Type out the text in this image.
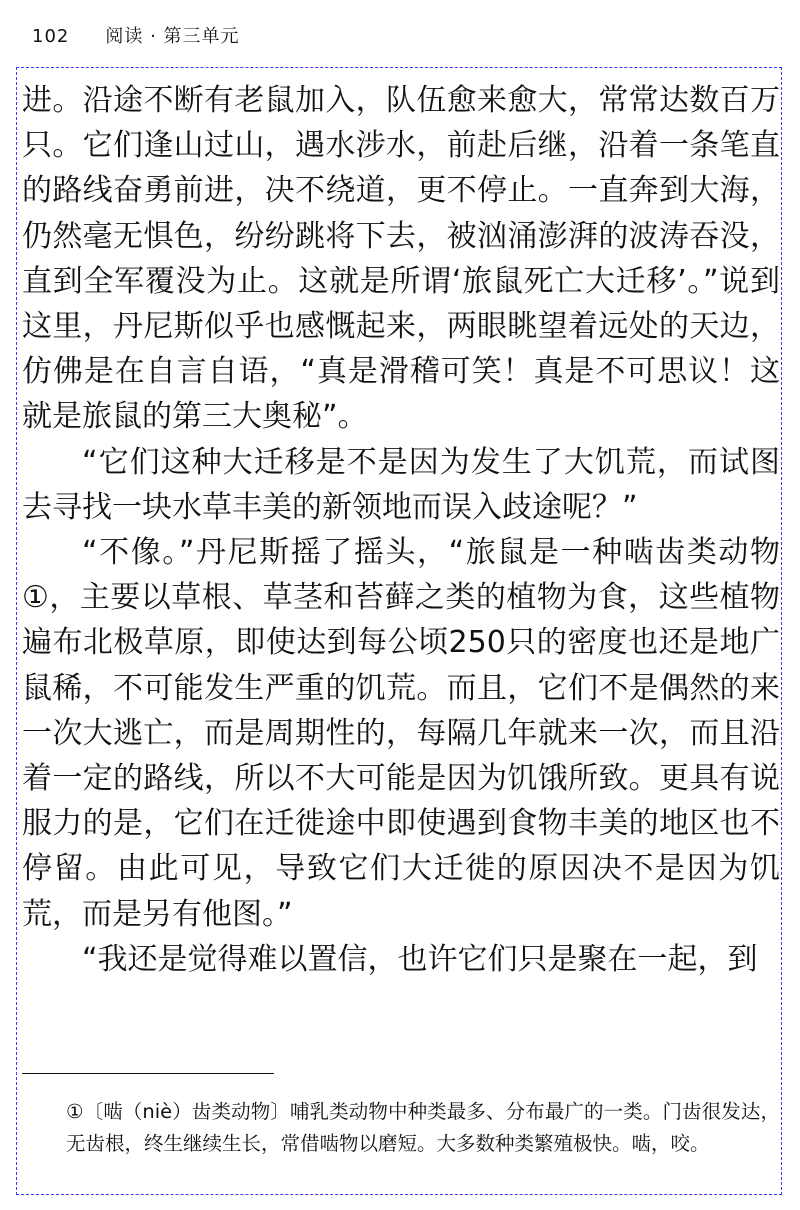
102 阅读 · 第三单元

进。沿途不断有老鼠加入，队伍愈来愈大，常常达数百万只。它们逢山过山，遇水涉水，前赴后继，沿着一条笔直的路线奋勇前进，决不绕道，更不停止。一直奔到大海，仍然毫无惧色，纷纷跳将下去，被汹涌澎湃的波涛吞没，直到全军覆没为止。这就是所谓‘旅鼠死亡大迁移’。”说到这里，丹尼斯似乎也感慨起来，两眼眺望着远处的天边，仿佛是在自言自语，“真是滑稽可笑！真是不可思议！这就是旅鼠的第三大奥秘”。

“它们这种大迁移是不是因为发生了大饥荒，而试图去寻找一块水草丰美的新领地而误入歧途呢？”

“不像。”丹尼斯摇了摇头，“旅鼠是一种啮齿类动物①，主要以草根、草茎和苔藓之类的植物为食，这些植物遍布北极草原，即使达到每公顷250只的密度也还是地广鼠稀，不可能发生严重的饥荒。而且，它们不是偶然的来一次大逃亡，而是周期性的，每隔几年就来一次，而且沿着一定的路线，所以不大可能是因为饥饿所致。更具有说服力的是，它们在迁徙途中即使遇到食物丰美的地区也不停留。由此可见，导致它们大迁徙的原因决不是因为饥荒，而是另有他图。”

“我还是觉得难以置信，也许它们只是聚在一起，到

①〔啮（niè）齿类动物〕哺乳类动物中种类最多、分布最广的一类。门齿很发达，无齿根，终生继续生长，常借啮物以磨短。大多数种类繁殖极快。啮，咬。
